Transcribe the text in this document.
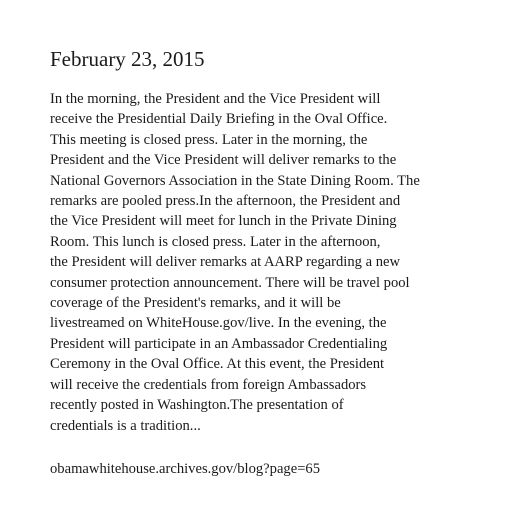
February 23, 2015
In the morning, the President and the Vice President will
receive the Presidential Daily Briefing in the Oval Office.
This meeting is closed press. Later in the morning, the
President and the Vice President will deliver remarks to the
National Governors Association in the State Dining Room. The
remarks are pooled press.In the afternoon, the President and
the Vice President will meet for lunch in the Private Dining
Room. This lunch is closed press. Later in the afternoon,
the President will deliver remarks at AARP regarding a new
consumer protection announcement. There will be travel pool
coverage of the President's remarks, and it will be
livestreamed on WhiteHouse.gov/live. In the evening, the
President will participate in an Ambassador Credentialing
Ceremony in the Oval Office. At this event, the President
will receive the credentials from foreign Ambassadors
recently posted in Washington.The presentation of
credentials is a tradition...
obamawhitehouse.archives.gov/blog?page=65
